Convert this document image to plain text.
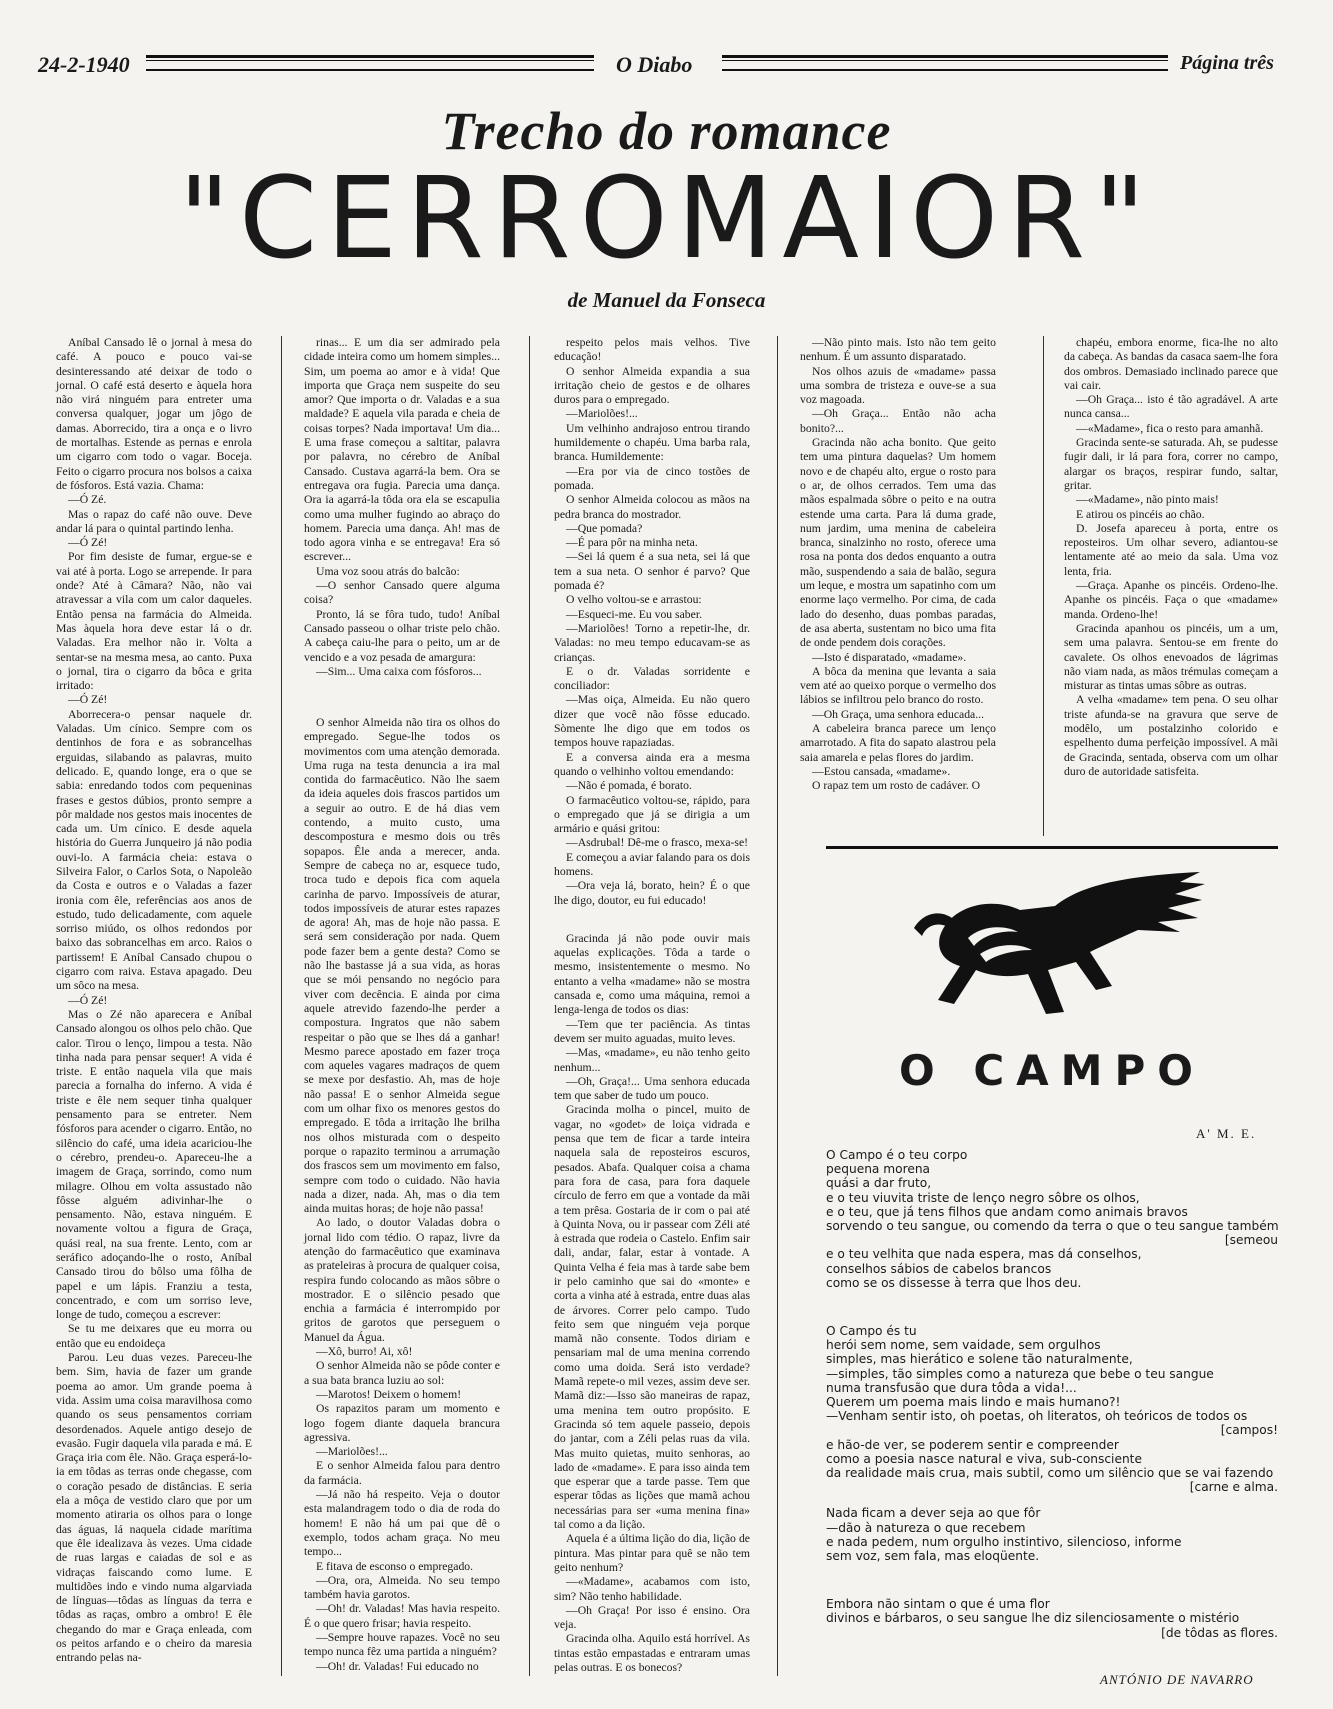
24-2-1940	O Diabo	Página três
Trecho do romance
"CERROMAIOR"
de Manuel da Fonseca

Aníbal Cansado lê o jornal à mesa do café. A pouco e pouco vai-se desinteressando até deixar de todo o jornal. O café está deserto e àquela hora não virá ninguém para entreter uma conversa qualquer, jogar um jôgo de damas. Aborrecido, tira a onça e o livro de mortalhas. Estende as pernas e enrola um cigarro com todo o vagar. Boceja. Feito o cigarro procura nos bolsos a caixa de fósforos. Está vazia. Chama:

—Ó Zé.

Mas o rapaz do café não ouve. Deve andar lá para o quintal partindo lenha.

—Ó Zé!

Por fim desiste de fumar, ergue-se e vai até à porta. Logo se arrepende. Ir para onde? Até à Câmara? Não, não vai atravessar a vila com um calor daqueles. Então pensa na farmácia do Almeida. Mas àquela hora deve estar lá o dr. Valadas. Era melhor não ir. Volta a sentar-se na mesma mesa, ao canto. Puxa o jornal, tira o cigarro da bôca e grita irritado:

—Ó Zé!

Aborrecera-o pensar naquele dr. Valadas. Um cínico. Sempre com os dentinhos de fora e as sobrancelhas erguidas, silabando as palavras, muito delicado. E, quando longe, era o que se sabia: enredando todos com pequeninas frases e gestos dúbios, pronto sempre a pôr maldade nos gestos mais inocentes de cada um. Um cínico. E desde aquela história do Guerra Junqueiro já não podia ouvi-lo. A farmácia cheia: estava o Silveira Falor, o Carlos Sota, o Napoleão da Costa e outros e o Valadas a fazer ironia com êle, referências aos anos de estudo, tudo delicadamente, com aquele sorriso miúdo, os olhos redondos por baixo das sobrancelhas em arco. Raios o partissem! E Aníbal Cansado chupou o cigarro com raiva. Estava apagado. Deu um sôco na mesa.

—Ó Zé!

Mas o Zé não aparecera e Aníbal Cansado alongou os olhos pelo chão. Que calor. Tirou o lenço, limpou a testa. Não tinha nada para pensar sequer! A vida é triste. E então naquela vila que mais parecia a fornalha do inferno. A vida é triste e êle nem sequer tinha qualquer pensamento para se entreter. Nem fósforos para acender o cigarro. Então, no silêncio do café, uma ideia acariciou-lhe o cérebro, prendeu-o. Apareceu-lhe a imagem de Graça, sorrindo, como num milagre. Olhou em volta assustado não fôsse alguém adivinhar-lhe o pensamento. Não, estava ninguém. E novamente voltou a figura de Graça, quási real, na sua frente. Lento, com ar seráfico adoçando-lhe o rosto, Aníbal Cansado tirou do bôlso uma fôlha de papel e um lápis. Franziu a testa, concentrado, e com um sorriso leve, longe de tudo, começou a escrever:

Se tu me deixares que eu morra ou então que eu endoideça

Parou. Leu duas vezes. Pareceu-lhe bem. Sim, havia de fazer um grande poema ao amor. Um grande poema à vida. Assim uma coisa maravilhosa como quando os seus pensamentos corriam desordenados. Aquele antigo desejo de evasão. Fugir daquela vila parada e má. E Graça iria com êle. Não. Graça esperá-lo-ia em tôdas as terras onde chegasse, com o coração pesado de distâncias. E seria ela a môça de vestido claro que por um momento atiraria os olhos para o longe das águas, lá naquela cidade marítima que êle idealizava às vezes. Uma cidade de ruas largas e caiadas de sol e as vidraças faiscando como lume. E multidões indo e vindo numa algarviada de línguas—tôdas as línguas da terra e tôdas as raças, ombro a ombro! E êle chegando do mar e Graça enleada, com os peitos arfando e o cheiro da maresia entrando pelas na-

rinas... E um dia ser admirado pela cidade inteira como um homem simples... Sim, um poema ao amor e à vida! Que importa que Graça nem suspeite do seu amor? Que importa o dr. Valadas e a sua maldade? E aquela vila parada e cheia de coisas torpes? Nada importava! Um dia... E uma frase começou a saltitar, palavra por palavra, no cérebro de Aníbal Cansado. Custava agarrá-la bem. Ora se entregava ora fugia. Parecia uma dança. Ora ia agarrá-la tôda ora ela se escapulia como uma mulher fugindo ao abraço do homem. Parecia uma dança. Ah! mas de todo agora vinha e se entregava! Era só escrever...

Uma voz soou atrás do balcão:

—O senhor Cansado quere alguma coisa?

Pronto, lá se fôra tudo, tudo! Aníbal Cansado passeou o olhar triste pelo chão. A cabeça caiu-lhe para o peito, um ar de vencido e a voz pesada de amargura:

—Sim... Uma caixa com fósforos...

O senhor Almeida não tira os olhos do empregado. Segue-lhe todos os movimentos com uma atenção demorada. Uma ruga na testa denuncia a ira mal contida do farmacêutico. Não lhe saem da ideia aqueles dois frascos partidos um a seguir ao outro. E de há dias vem contendo, a muito custo, uma descompostura e mesmo dois ou três sopapos. Êle anda a merecer, anda. Sempre de cabeça no ar, esquece tudo, troca tudo e depois fica com aquela carinha de parvo. Impossíveis de aturar, todos impossíveis de aturar estes rapazes de agora! Ah, mas de hoje não passa. E será sem consideração por nada. Quem pode fazer bem a gente desta? Como se não lhe bastasse já a sua vida, as horas que se mói pensando no negócio para viver com decência. E ainda por cima aquele atrevido fazendo-lhe perder a compostura. Ingratos que não sabem respeitar o pão que se lhes dá a ganhar! Mesmo parece apostado em fazer troça com aqueles vagares madraços de quem se mexe por desfastio. Ah, mas de hoje não passa! E o senhor Almeida segue com um olhar fixo os menores gestos do empregado. E tôda a irritação lhe brilha nos olhos misturada com o despeito porque o rapazito terminou a arrumação dos frascos sem um movimento em falso, sempre com todo o cuidado. Não havia nada a dizer, nada. Ah, mas o dia tem ainda muitas horas; de hoje não passa!

Ao lado, o doutor Valadas dobra o jornal lido com tédio. O rapaz, livre da atenção do farmacêutico que examinava as prateleiras à procura de qualquer coisa, respira fundo colocando as mãos sôbre o mostrador. E o silêncio pesado que enchia a farmácia é interrompido por gritos de garotos que perseguem o Manuel da Água.

—Xô, burro! Ai, xô!

O senhor Almeida não se pôde conter e a sua bata branca luziu ao sol:

—Marotos! Deixem o homem!

Os rapazitos param um momento e logo fogem diante daquela brancura agressiva.

—Mariolões!...

E o senhor Almeida falou para dentro da farmácia.

—Já não há respeito. Veja o doutor esta malandragem todo o dia de roda do homem! E não há um pai que dê o exemplo, todos acham graça. No meu tempo...

E fitava de esconso o empregado.

—Ora, ora, Almeida. No seu tempo também havia garotos.

—Oh! dr. Valadas! Mas havia respeito. É o que quero frisar; havia respeito.

—Sempre houve rapazes. Você no seu tempo nunca fêz uma partida a ninguém?

—Oh! dr. Valadas! Fui educado no

respeito pelos mais velhos. Tive educação!

O senhor Almeida expandia a sua irritação cheio de gestos e de olhares duros para o empregado.

—Mariolões!...

Um velhinho andrajoso entrou tirando humildemente o chapéu. Uma barba rala, branca. Humildemente:

—Era por via de cinco tostões de pomada.

O senhor Almeida colocou as mãos na pedra branca do mostrador.

—Que pomada?

—É para pôr na minha neta.

—Sei lá quem é a sua neta, sei lá que tem a sua neta. O senhor é parvo? Que pomada é?

O velho voltou-se e arrastou:

—Esqueci-me. Eu vou saber.

—Mariolões! Torno a repetir-lhe, dr. Valadas: no meu tempo educavam-se as crianças.

E o dr. Valadas sorridente e conciliador:

—Mas oiça, Almeida. Eu não quero dizer que você não fôsse educado. Sòmente lhe digo que em todos os tempos houve rapaziadas.

E a conversa ainda era a mesma quando o velhinho voltou emendando:

—Não é pomada, é borato.

O farmacêutico voltou-se, rápido, para o empregado que já se dirigia a um armário e quási gritou:

—Asdrubal! Dê-me o frasco, mexa-se!

E começou a aviar falando para os dois homens.

—Ora veja lá, borato, hein? É o que lhe digo, doutor, eu fui educado!

Gracinda já não pode ouvir mais aquelas explicações. Tôda a tarde o mesmo, insistentemente o mesmo. No entanto a velha «madame» não se mostra cansada e, como uma máquina, remoi a lenga-lenga de todos os dias:

—Tem que ter paciência. As tintas devem ser muito aguadas, muito leves.

—Mas, «madame», eu não tenho geito nenhum...

—Oh, Graça!... Uma senhora educada tem que saber de tudo um pouco.

Gracinda molha o pincel, muito de vagar, no «godet» de loiça vidrada e pensa que tem de ficar a tarde inteira naquela sala de reposteiros escuros, pesados. Abafa. Qualquer coisa a chama para fora de casa, para fora daquele círculo de ferro em que a vontade da mãi a tem prêsa. Gostaria de ir com o pai até à Quinta Nova, ou ir passear com Zéli até à estrada que rodeia o Castelo. Enfim sair dali, andar, falar, estar à vontade. A Quinta Velha é feia mas à tarde sabe bem ir pelo caminho que sai do «monte» e corta a vinha até à estrada, entre duas alas de árvores. Correr pelo campo. Tudo feito sem que ninguém veja porque mamã não consente. Todos diriam e pensariam mal de uma menina correndo como uma doida. Será isto verdade? Mamã repete-o mil vezes, assim deve ser. Mamã diz:—Isso são maneiras de rapaz, uma menina tem outro propósito. E Gracinda só tem aquele passeio, depois do jantar, com a Zéli pelas ruas da vila. Mas muito quietas, muito senhoras, ao lado de «madame». E para isso ainda tem que esperar que a tarde passe. Tem que esperar tôdas as lições que mamã achou necessárias para ser «uma menina fina» tal como a da lição.

Aquela é a última lição do dia, lição de pintura. Mas pintar para quê se não tem geito nenhum?

—«Madame», acabamos com isto, sim? Não tenho habilidade.

—Oh Graça! Por isso é ensino. Ora veja.

Gracinda olha. Aquilo está horrível. As tintas estão empastadas e entraram umas pelas outras. E os bonecos?

—Não pinto mais. Isto não tem geito nenhum. É um assunto disparatado.

Nos olhos azuis de «madame» passa uma sombra de tristeza e ouve-se a sua voz magoada.

—Oh Graça... Então não acha bonito?...

Gracinda não acha bonito. Que geito tem uma pintura daquelas? Um homem novo e de chapéu alto, ergue o rosto para o ar, de olhos cerrados. Tem uma das mãos espalmada sôbre o peito e na outra estende uma carta. Para lá duma grade, num jardim, uma menina de cabeleira branca, sinalzinho no rosto, oferece uma rosa na ponta dos dedos enquanto a outra mão, suspendendo a saia de balão, segura um leque, e mostra um sapatinho com um enorme laço vermelho. Por cima, de cada lado do desenho, duas pombas paradas, de asa aberta, sustentam no bico uma fita de onde pendem dois corações.

—Isto é disparatado, «madame».

A bôca da menina que levanta a saia vem até ao queixo porque o vermelho dos lábios se infiltrou pelo branco do rosto.

—Oh Graça, uma senhora educada...

A cabeleira branca parece um lenço amarrotado. A fita do sapato alastrou pela saia amarela e pelas flores do jardim.

—Estou cansada, «madame».

O rapaz tem um rosto de cadáver. O

chapéu, embora enorme, fica-lhe no alto da cabeça. As bandas da casaca saem-lhe fora dos ombros. Demasiado inclinado parece que vai cair.

—Oh Graça... isto é tão agradável. A arte nunca cansa...

—«Madame», fica o resto para amanhã.

Gracinda sente-se saturada. Ah, se pudesse fugir dali, ir lá para fora, correr no campo, alargar os braços, respirar fundo, saltar, gritar.

—«Madame», não pinto mais!

E atirou os pincéis ao chão.

D. Josefa apareceu à porta, entre os reposteiros. Um olhar severo, adiantou-se lentamente até ao meio da sala. Uma voz lenta, fria.

—Graça. Apanhe os pincéis. Ordeno-lhe. Apanhe os pincéis. Faça o que «madame» manda. Ordeno-lhe!

Gracinda apanhou os pincéis, um a um, sem uma palavra. Sentou-se em frente do cavalete. Os olhos enevoados de lágrimas não viam nada, as mãos trémulas começam a misturar as tintas umas sôbre as outras.

A velha «madame» tem pena. O seu olhar triste afunda-se na gravura que serve de modêlo, um postalzinho colorido e espelhento duma perfeição impossível. A mãi de Gracinda, sentada, observa com um olhar duro de autoridade satisfeita.

O CAMPO
A' M. E.
O Campo é o teu corpo
pequena morena
quási a dar fruto,
e o teu viuvita triste de lenço negro sôbre os olhos,
e o teu, que já tens filhos que andam como animais bravos
sorvendo o teu sangue, ou comendo da terra o que o teu sangue também
[semeou
e o teu velhita que nada espera, mas dá conselhos,
conselhos sábios de cabelos brancos
como se os dissesse à terra que lhos deu.
O Campo és tu
herói sem nome, sem vaidade, sem orgulhos
simples, mas hierático e solene tão naturalmente,
—simples, tão simples como a natureza que bebe o teu sangue
numa transfusão que dura tôda a vida!...
Querem um poema mais lindo e mais humano?!
—Venham sentir isto, oh poetas, oh literatos, oh teóricos de todos os
[campos!
e hão-de ver, se poderem sentir e compreender
como a poesia nasce natural e viva, sub-consciente
da realidade mais crua, mais subtil, como um silêncio que se vai fazendo
[carne e alma.
Nada ficam a dever seja ao que fôr
—dão à natureza o que recebem
e nada pedem, num orgulho instintivo, silencioso, informe
sem voz, sem fala, mas eloqüente.
Embora não sintam o que é uma flor
divinos e bárbaros, o seu sangue lhe diz silenciosamente o mistério
[de tôdas as flores.
ANTÓNIO DE NAVARRO
